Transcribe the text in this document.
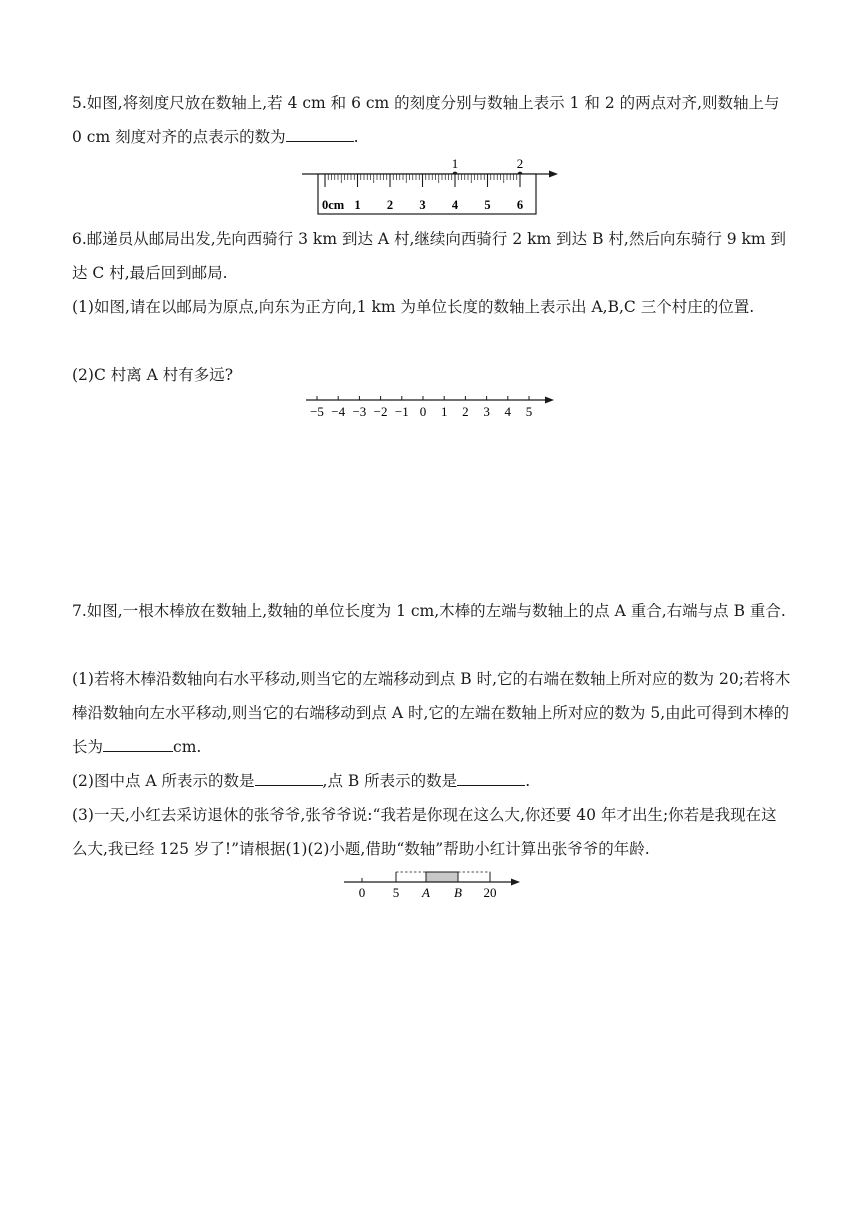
5.如图,将刻度尺放在数轴上,若 4 cm 和 6 cm 的刻度分别与数轴上表示 1 和 2 的两点对齐,则数轴上与 0 cm 刻度对齐的点表示的数为	.

1	2
0cm 1 2 3 4 5 6

6.邮递员从邮局出发,先向西骑行 3 km 到达 A 村,继续向西骑行 2 km 到达 B 村,然后向东骑行 9 km 到达 C 村,最后回到邮局.

(1)如图,请在以邮局为原点,向东为正方向,1 km 为单位长度的数轴上表示出 A,B,C 三个村庄的位置.

(2)C 村离 A 村有多远?

−5 −4 −3 −2 −1 0 1 2 3 4 5

7.如图,一根木棒放在数轴上,数轴的单位长度为 1 cm,木棒的左端与数轴上的点 A 重合,右端与点 B 重合.

(1)若将木棒沿数轴向右水平移动,则当它的左端移动到点 B 时,它的右端在数轴上所对应的数为 20;若将木棒沿数轴向左水平移动,则当它的右端移动到点 A 时,它的左端在数轴上所对应的数为 5,由此可得到木棒的长为	cm.

(2)图中点 A 所表示的数是	,点 B 所表示的数是	.

(3)一天,小红去采访退休的张爷爷,张爷爷说:“我若是你现在这么大,你还要 40 年才出生;你若是我现在这么大,我已经 125 岁了!”请根据(1)(2)小题,借助“数轴”帮助小红计算出张爷爷的年龄.

0 5 A B 20
